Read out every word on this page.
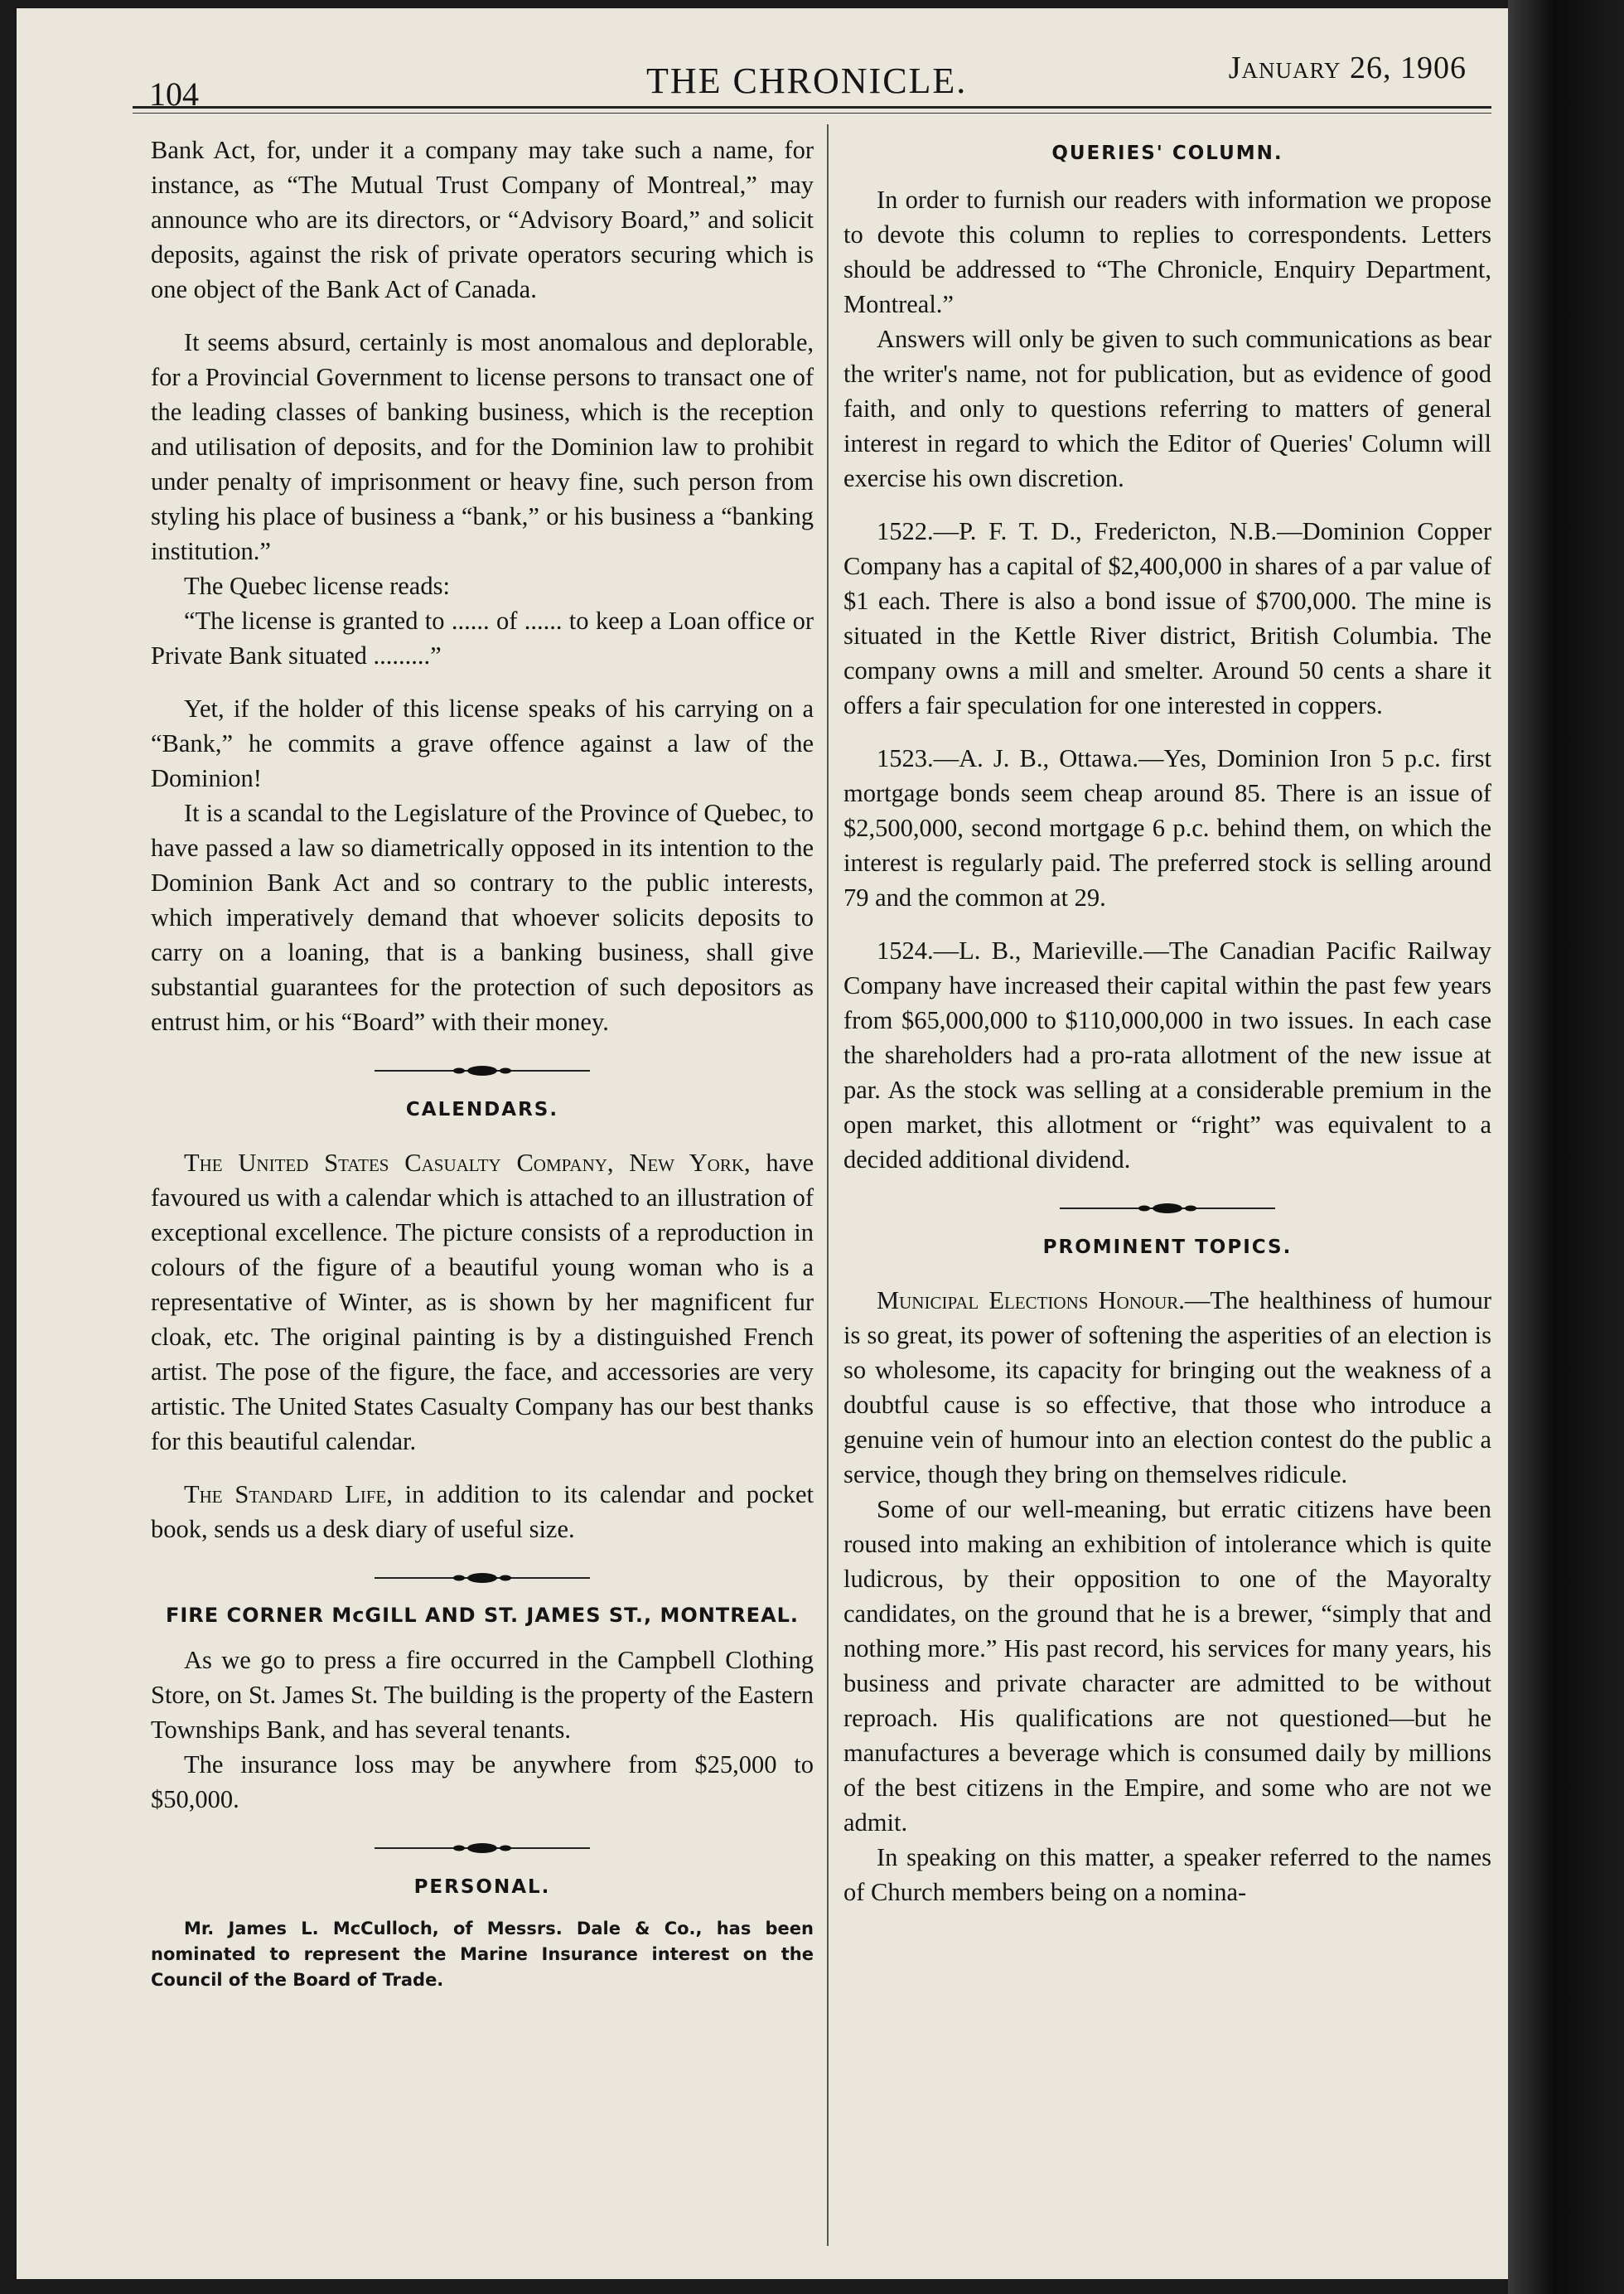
104	THE CHRONICLE.	January 26, 1906

Bank Act, for, under it a company may take such a name, for instance, as “The Mutual Trust Company of Montreal,” may announce who are its directors, or “Advisory Board,” and solicit deposits, against the risk of private operators securing which is one object of the Bank Act of Canada.

It seems absurd, certainly is most anomalous and deplorable, for a Provincial Government to license persons to transact one of the leading classes of banking business, which is the reception and utilisation of deposits, and for the Dominion law to prohibit under penalty of imprisonment or heavy fine, such person from styling his place of business a “bank,” or his business a “banking institution.”

The Quebec license reads:

“The license is granted to ...... of ...... to keep a Loan office or Private Bank situated .........”

Yet, if the holder of this license speaks of his carrying on a “Bank,” he commits a grave offence against a law of the Dominion!

It is a scandal to the Legislature of the Province of Quebec, to have passed a law so diametrically opposed in its intention to the Dominion Bank Act and so contrary to the public interests, which imperatively demand that whoever solicits deposits to carry on a loaning, that is a banking business, shall give substantial guarantees for the protection of such depositors as entrust him, or his “Board” with their money.

CALENDARS.

The United States Casualty Company, New York, have favoured us with a calendar which is attached to an illustration of exceptional excellence. The picture consists of a reproduction in colours of the figure of a beautiful young woman who is a representative of Winter, as is shown by her magnificent fur cloak, etc. The original painting is by a distinguished French artist. The pose of the figure, the face, and accessories are very artistic. The United States Casualty Company has our best thanks for this beautiful calendar.

The Standard Life, in addition to its calendar and pocket book, sends us a desk diary of useful size.

FIRE CORNER McGILL AND ST. JAMES ST., MONTREAL.

As we go to press a fire occurred in the Campbell Clothing Store, on St. James St. The building is the property of the Eastern Townships Bank, and has several tenants.

The insurance loss may be anywhere from $25,000 to $50,000.

PERSONAL.

Mr. James L. McCulloch, of Messrs. Dale & Co., has been nominated to represent the Marine Insurance interest on the Council of the Board of Trade.

QUERIES' COLUMN.

In order to furnish our readers with information we propose to devote this column to replies to correspondents. Letters should be addressed to “The Chronicle, Enquiry Department, Montreal.”

Answers will only be given to such communications as bear the writer's name, not for publication, but as evidence of good faith, and only to questions referring to matters of general interest in regard to which the Editor of Queries' Column will exercise his own discretion.

1522.—P. F. T. D., Fredericton, N.B.—Dominion Copper Company has a capital of $2,400,000 in shares of a par value of $1 each. There is also a bond issue of $700,000. The mine is situated in the Kettle River district, British Columbia. The company owns a mill and smelter. Around 50 cents a share it offers a fair speculation for one interested in coppers.

1523.—A. J. B., Ottawa.—Yes, Dominion Iron 5 p.c. first mortgage bonds seem cheap around 85. There is an issue of $2,500,000, second mortgage 6 p.c. behind them, on which the interest is regularly paid. The preferred stock is selling around 79 and the common at 29.

1524.—L. B., Marieville.—The Canadian Pacific Railway Company have increased their capital within the past few years from $65,000,000 to $110,000,000 in two issues. In each case the shareholders had a pro-rata allotment of the new issue at par. As the stock was selling at a considerable premium in the open market, this allotment or “right” was equivalent to a decided additional dividend.

PROMINENT TOPICS.

Municipal Elections Honour.—The healthiness of humour is so great, its power of softening the asperities of an election is so wholesome, its capacity for bringing out the weakness of a doubtful cause is so effective, that those who introduce a genuine vein of humour into an election contest do the public a service, though they bring on themselves ridicule.

Some of our well-meaning, but erratic citizens have been roused into making an exhibition of intolerance which is quite ludicrous, by their opposition to one of the Mayoralty candidates, on the ground that he is a brewer, “simply that and nothing more.” His past record, his services for many years, his business and private character are admitted to be without reproach. His qualifications are not questioned—but he manufactures a beverage which is consumed daily by millions of the best citizens in the Empire, and some who are not we admit.

In speaking on this matter, a speaker referred to the names of Church members being on a nomina-
